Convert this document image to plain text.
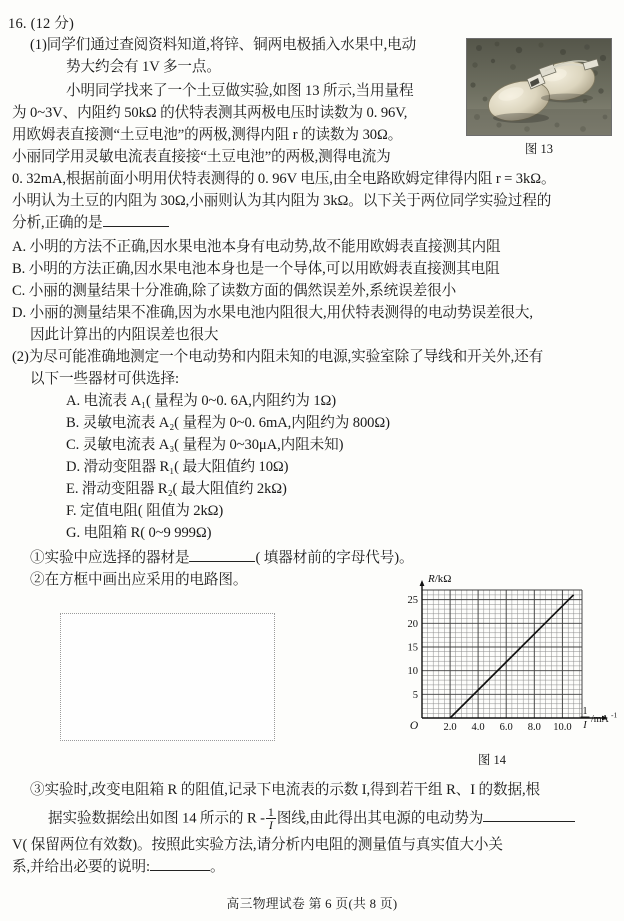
16. (12 分)
(1)同学们通过查阅资料知道,将锌、铜两电极插入水果中,电动
势大约会有 1V 多一点。
小明同学找来了一个土豆做实验,如图 13 所示,当用量程
为 0~3V、内阻约 50kΩ 的伏特表测其两极电压时读数为 0. 96V,
用欧姆表直接测“土豆电池”的两极,测得内阻 r 的读数为 30Ω。
小丽同学用灵敏电流表直接接“土豆电池”的两极,测得电流为
0. 32mA,根据前面小明用伏特表测得的 0. 96V 电压,由全电路欧姆定律得内阻 r = 3kΩ。
小明认为土豆的内阻为 30Ω,小丽则认为其内阻为 3kΩ。以下关于两位同学实验过程的
分析,正确的是
A. 小明的方法不正确,因水果电池本身有电动势,故不能用欧姆表直接测其内阻
B. 小明的方法正确,因水果电池本身也是一个导体,可以用欧姆表直接测其电阻
C. 小丽的测量结果十分准确,除了读数方面的偶然误差外,系统误差很小
D. 小丽的测量结果不准确,因为水果电池内阻很大,用伏特表测得的电动势误差很大,
因此计算出的内阻误差也很大
(2)为尽可能准确地测定一个电动势和内阻未知的电源,实验室除了导线和开关外,还有
以下一些器材可供选择:
A. 电流表 A₁( 量程为 0~0. 6A,内阻约为 1Ω)
B. 灵敏电流表 A₂( 量程为 0~0. 6mA,内阻约为 800Ω)
C. 灵敏电流表 A₃( 量程为 0~30μA,内阻未知)
D. 滑动变阻器 R₁( 最大阻值约 10Ω)
E. 滑动变阻器 R₂( 最大阻值约 2kΩ)
F. 定值电阻( 阻值为 2kΩ)
G. 电阻箱 R( 0~9 999Ω)
①实验中应选择的器材是	( 填器材前的字母代号)。
②在方框中画出应采用的电路图。
图 13
5
10
15
20
25
2.0 4.0 6.0 8.0 10.0
O
R/kΩ
1
I
/mA -1
图 14
③实验时,改变电阻箱 R 的阻值,记录下电流表的示数 I,得到若干组 R、I 的数据,根
据实验数据绘出如图 14 所示的 R - $\frac{1}{I}$ 图线,由此得出其电源的电动势为
V( 保留两位有效数)。按照此实验方法,请分析内电阻的测量值与真实值大小关
系,并给出必要的说明:	。
高三物理试卷 第 6 页(共 8 页)
